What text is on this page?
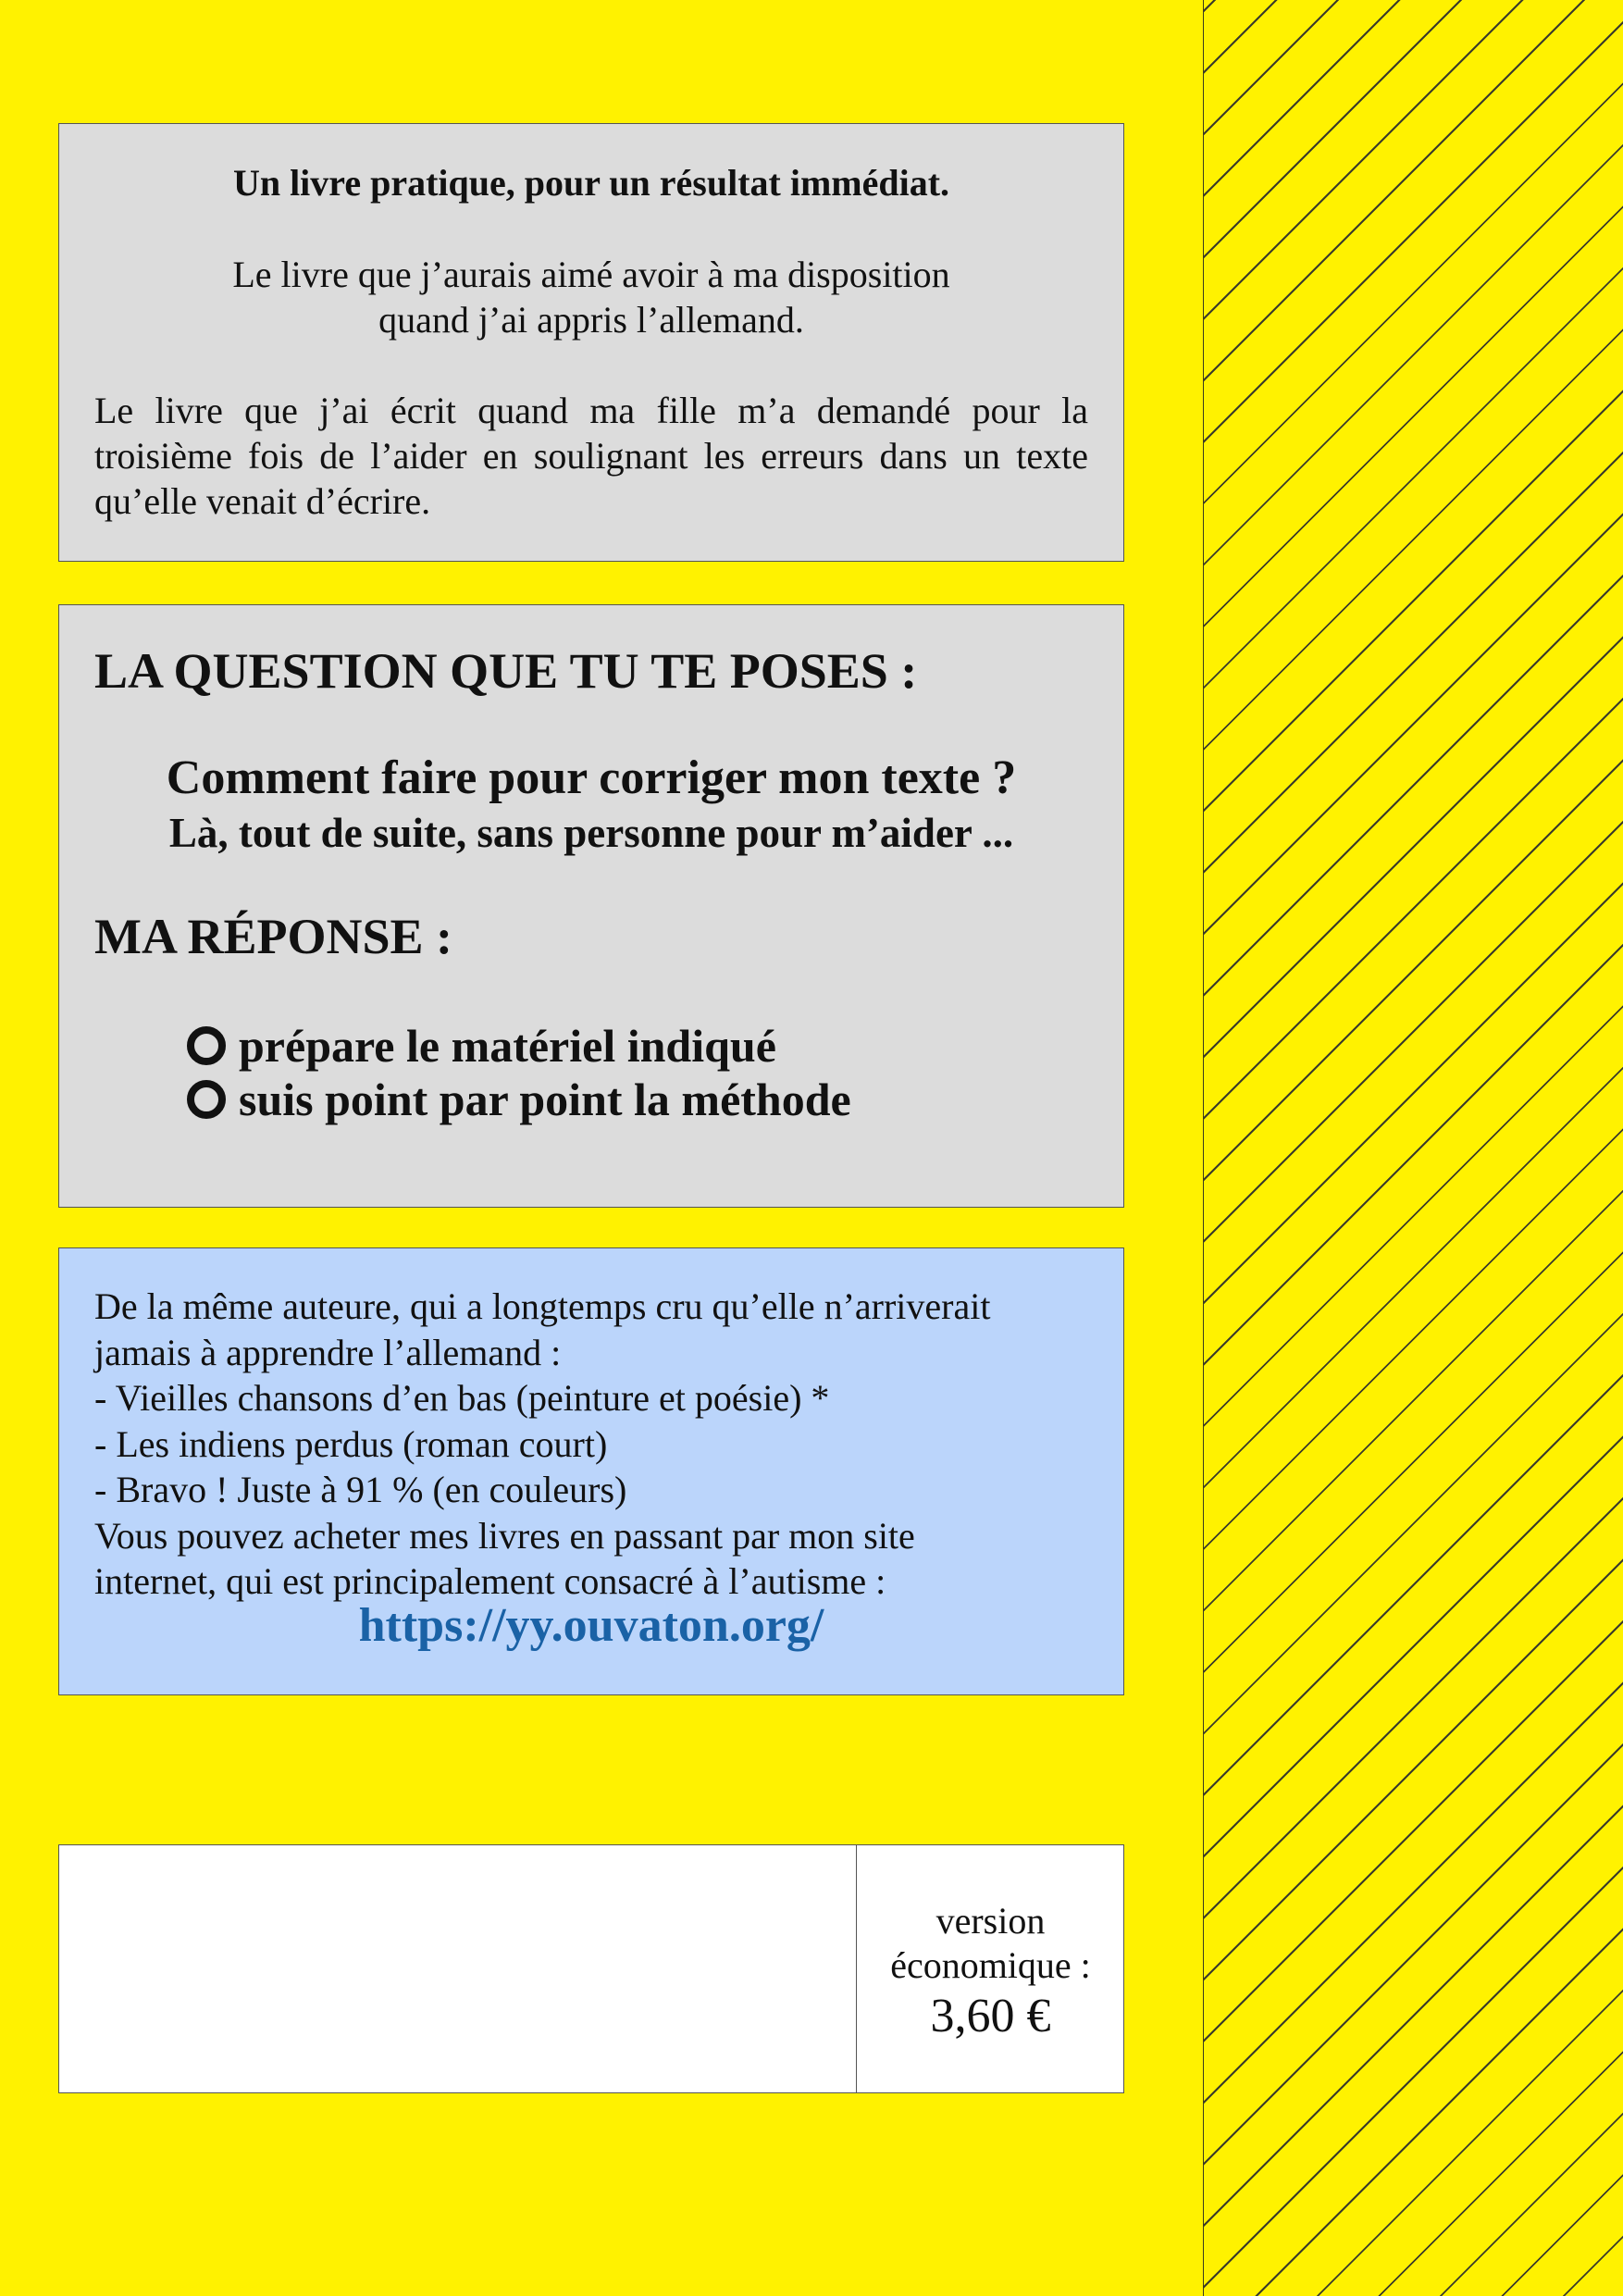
Un livre pratique, pour un résultat immédiat.
Le livre que j’aurais aimé avoir à ma disposition
quand j’ai appris l’allemand.
Le livre que j’ai écrit quand ma fille m’a demandé pour la troisième fois de l’aider en soulignant les erreurs dans un texte qu’elle venait d’écrire.
LA QUESTION QUE TU TE POSES :
Comment faire pour corriger mon texte ?
Là, tout de suite, sans personne pour m’aider ...
MA RÉPONSE :
prépare le matériel indiqué
suis point par point la méthode
De la même auteure, qui a longtemps cru qu’elle n’arriverait
jamais à apprendre l’allemand :
- Vieilles chansons d’en bas (peinture et poésie) *
- Les indiens perdus (roman court)
- Bravo ! Juste à 91 % (en couleurs)
Vous pouvez acheter mes livres en passant par mon site
internet, qui est principalement consacré à l’autisme :
https://yy.ouvaton.org/
version
économique :
3,60 €
